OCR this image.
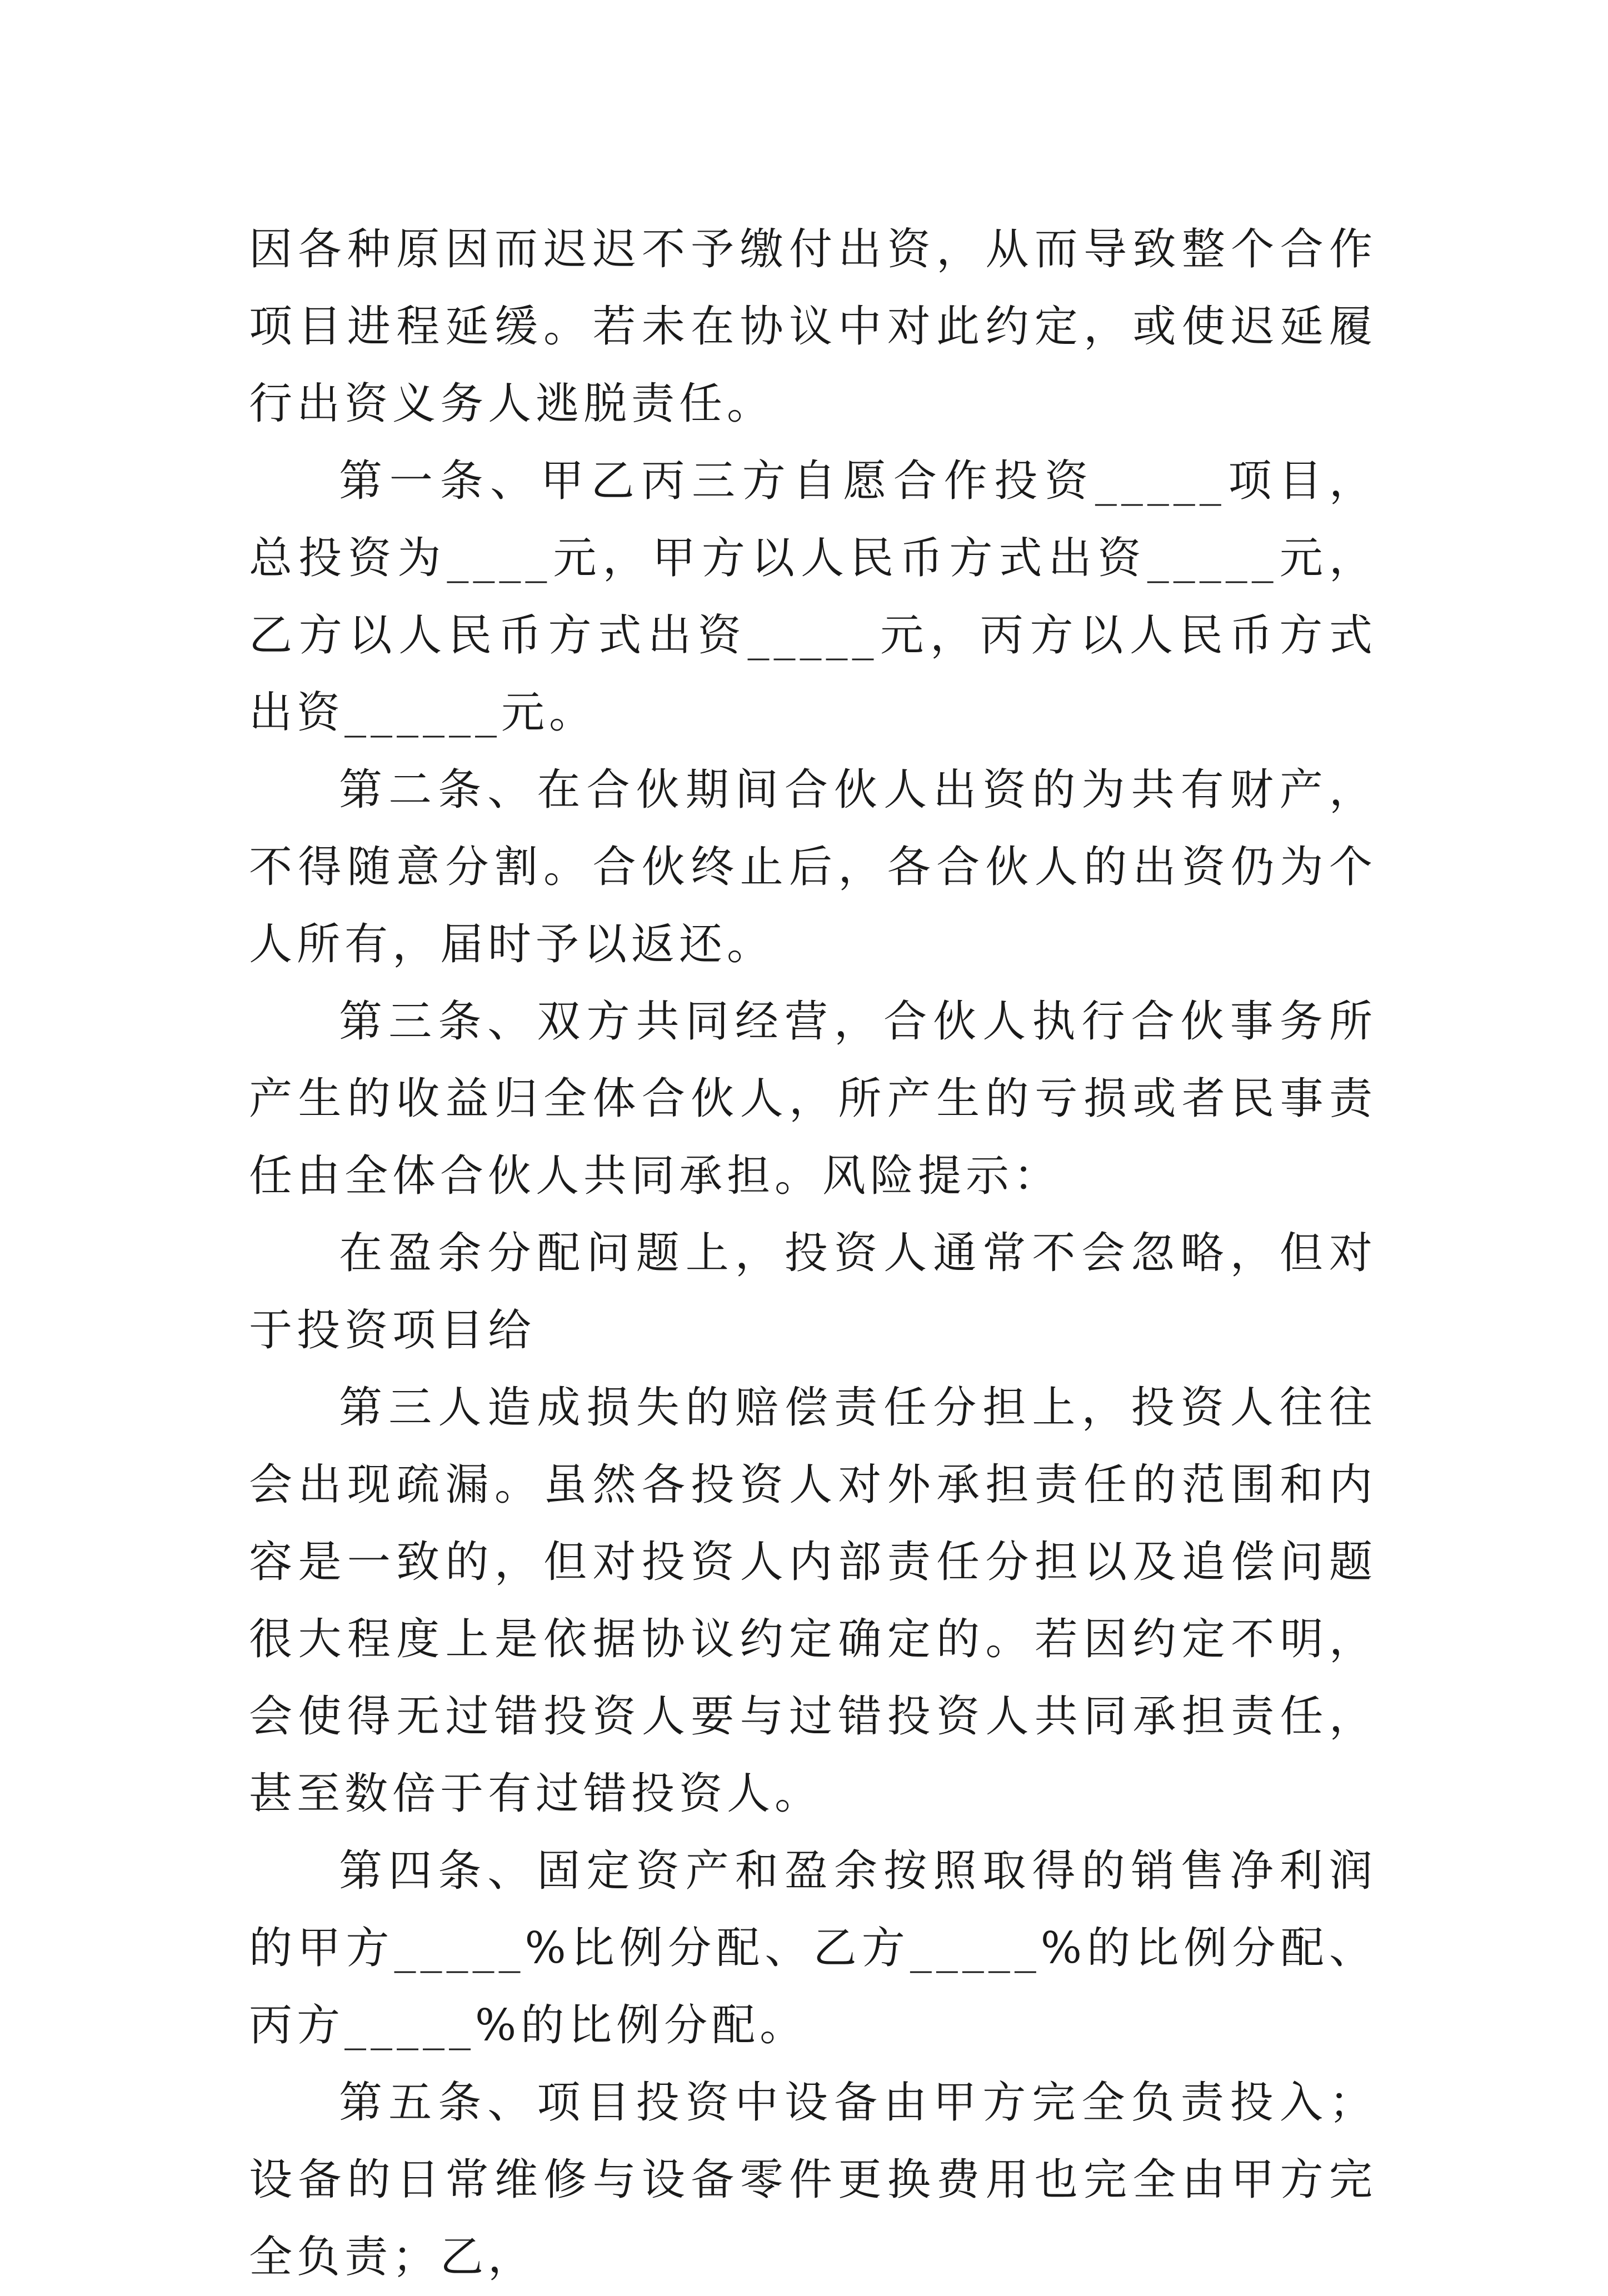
因各种原因而迟迟不予缴付出资，从而导致整个合作项目进程延缓。若未在协议中对此约定，或使迟延履行出资义务人逃脱责任。

第一条、甲乙丙三方自愿合作投资_____项目，总投资为____元，甲方以人民币方式出资_____元，乙方以人民币方式出资_____元，丙方以人民币方式出资______元。

第二条、在合伙期间合伙人出资的为共有财产，不得随意分割。合伙终止后，各合伙人的出资仍为个人所有，届时予以返还。

第三条、双方共同经营，合伙人执行合伙事务所产生的收益归全体合伙人，所产生的亏损或者民事责任由全体合伙人共同承担。风险提示：

在盈余分配问题上，投资人通常不会忽略，但对于投资项目给

第三人造成损失的赔偿责任分担上，投资人往往会出现疏漏。虽然各投资人对外承担责任的范围和内容是一致的，但对投资人内部责任分担以及追偿问题很大程度上是依据协议约定确定的。若因约定不明，会使得无过错投资人要与过错投资人共同承担责任，甚至数倍于有过错投资人。

第四条、固定资产和盈余按照取得的销售净利润的甲方_____%比例分配、乙方_____%的比例分配、丙方_____%的比例分配。

第五条、项目投资中设备由甲方完全负责投入；设备的日常维修与设备零件更换费用也完全由甲方完全负责；乙，
